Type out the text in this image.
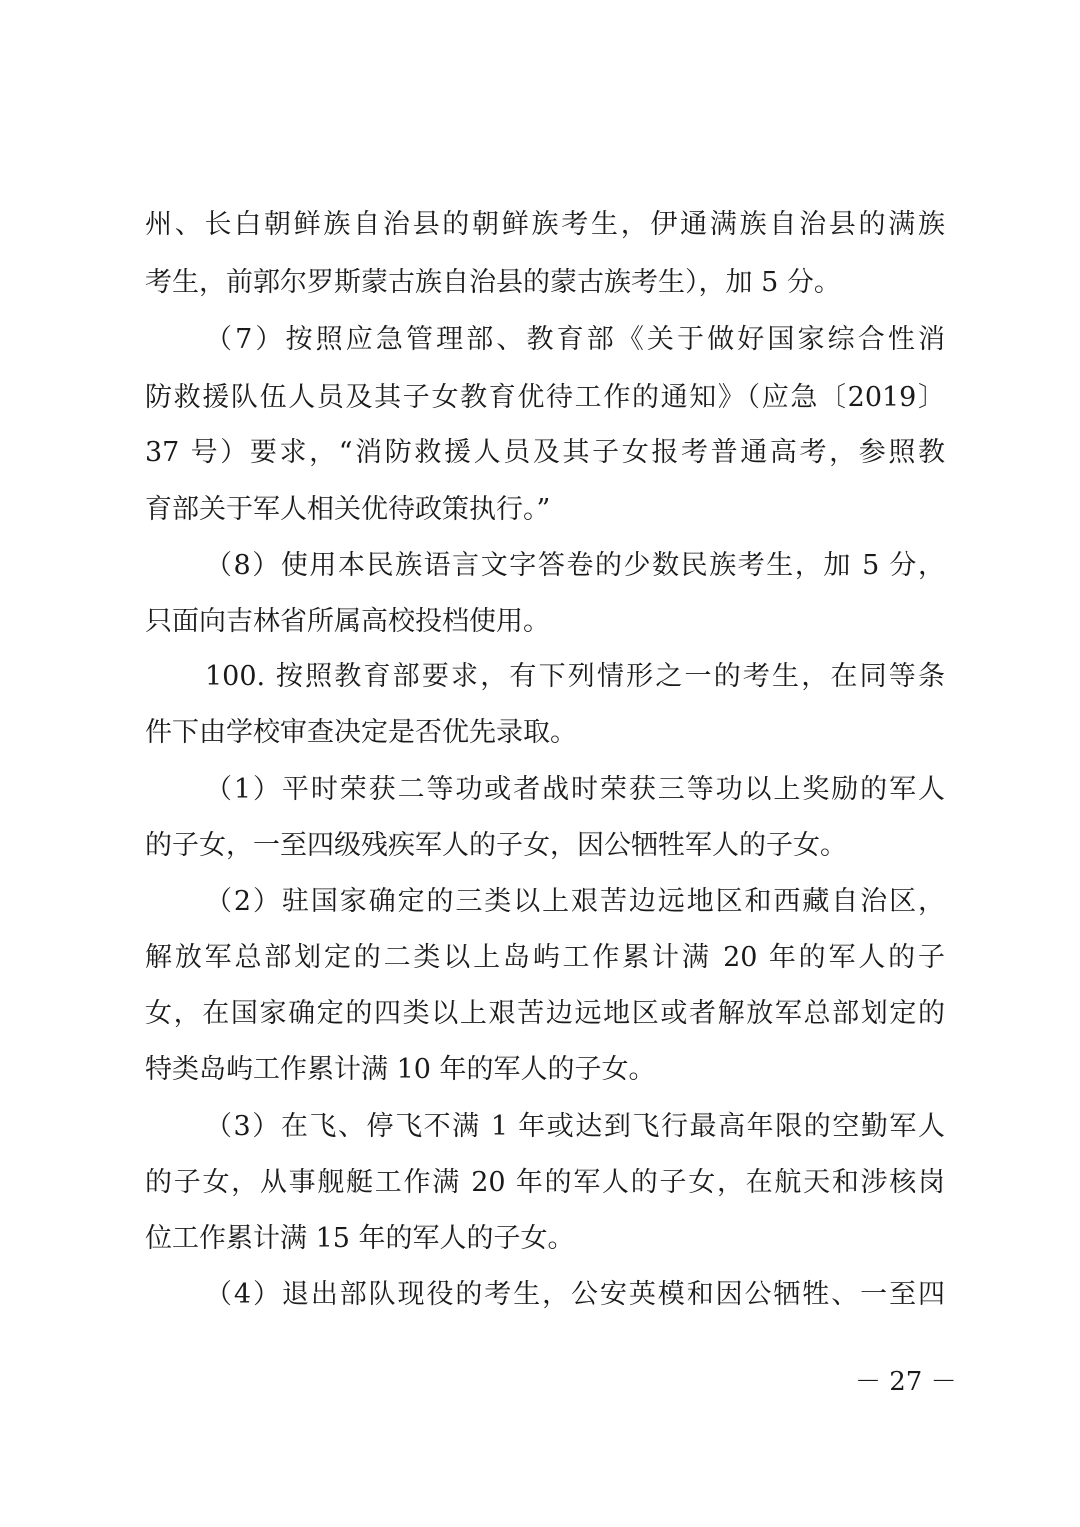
州、长白朝鲜族自治县的朝鲜族考生，伊通满族自治县的满族
考生，前郭尔罗斯蒙古族自治县的蒙古族考生），加 5 分。
（7）按照应急管理部、教育部《关于做好国家综合性消
防救援队伍人员及其子女教育优待工作的通知》（应急〔2019〕
37 号）要求，“消防救援人员及其子女报考普通高考，参照教
育部关于军人相关优待政策执行。”
（8）使用本民族语言文字答卷的少数民族考生，加 5 分，
只面向吉林省所属高校投档使用。
100. 按照教育部要求，有下列情形之一的考生，在同等条
件下由学校审查决定是否优先录取。
（1）平时荣获二等功或者战时荣获三等功以上奖励的军人
的子女，一至四级残疾军人的子女，因公牺牲军人的子女。
（2）驻国家确定的三类以上艰苦边远地区和西藏自治区，
解放军总部划定的二类以上岛屿工作累计满 20 年的军人的子
女，在国家确定的四类以上艰苦边远地区或者解放军总部划定的
特类岛屿工作累计满 10 年的军人的子女。
（3）在飞、停飞不满 1 年或达到飞行最高年限的空勤军人
的子女，从事舰艇工作满 20 年的军人的子女，在航天和涉核岗
位工作累计满 15 年的军人的子女。
（4）退出部队现役的考生，公安英模和因公牺牲、一至四
－ 27 －
